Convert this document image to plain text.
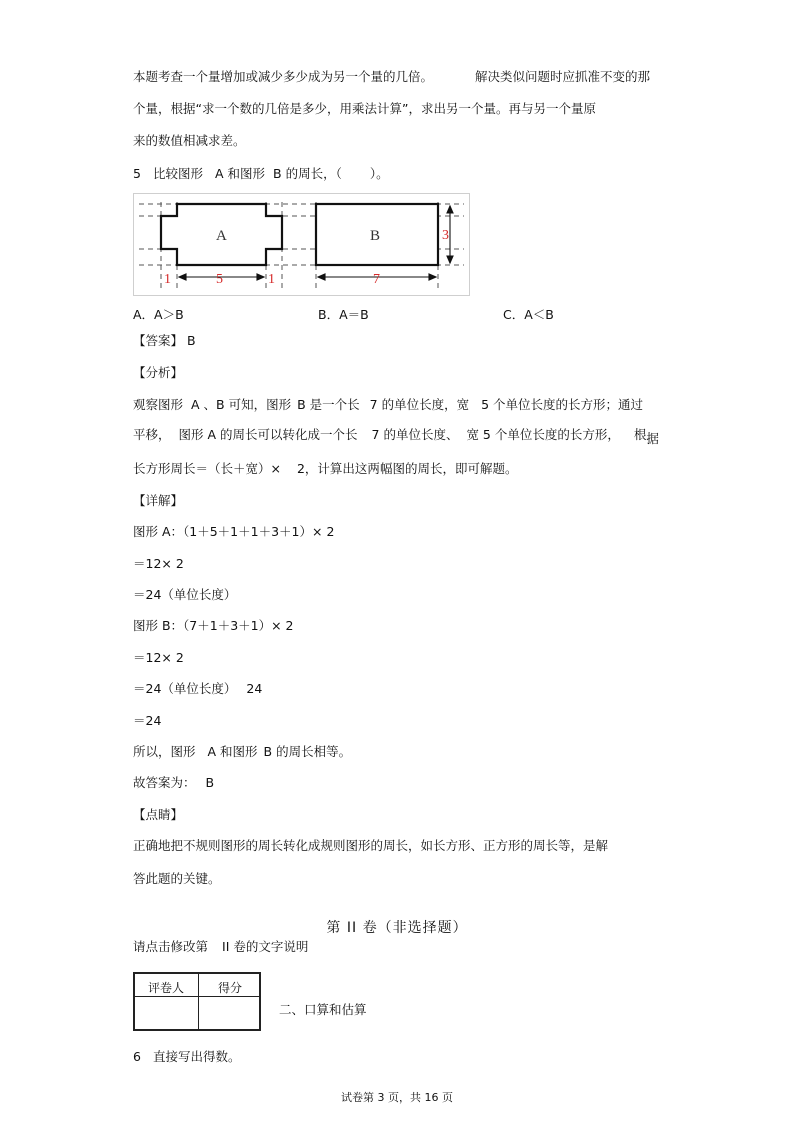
本题考查一个量增加或减少多少成为另一个量的几倍。	解决类似问题时应抓准不变的那
个量，根据“求一个数的几倍是多少，用乘法计算”，求出另一个量。再与另一个量原
来的数值相减求差。
5 比较图形 A 和图形 B 的周长，（ ）。
A	B
1	5	1	7
3
A．A＞B	B．A＝B	C．A＜B
【答案】 B
【分析】
观察图形 A 、B 可知，图形 B 是一个长 7 的单位长度，宽 5 个单位长度的长方形；通过
平移， 图形 A 的周长可以转化成一个长 7 的单位长度、 宽 5 个单位长度的长方形， 根据
长方形周长＝（长＋宽）× 2，计算出这两幅图的周长，即可解题。
【详解】
图形 A：（1＋5＋1＋1＋3＋1）× 2
＝12× 2
＝24（单位长度）
图形 B：（7＋1＋3＋1）× 2
＝12× 2
＝24（单位长度） 24
＝24
所以，图形 A 和图形 B 的周长相等。
故答案为： B
【点睛】
正确地把不规则图形的周长转化成规则图形的周长，如长方形、正方形的周长等，是解
答此题的关键。
第 II 卷（非选择题）
请点击修改第 II 卷的文字说明
评卷人	得分
二、口算和估算
6 直接写出得数。
试卷第 3 页，共 16 页
